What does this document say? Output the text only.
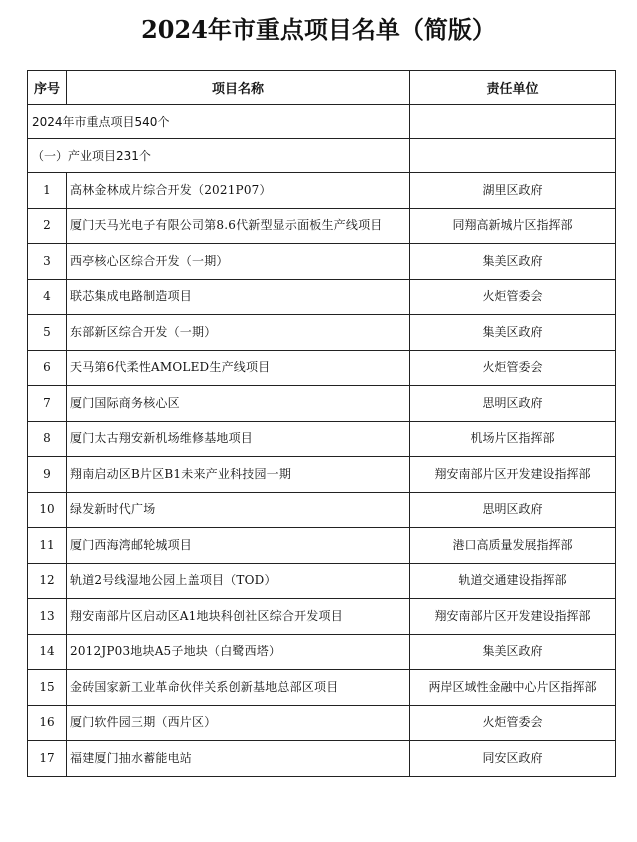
2024年市重点项目名单（简版）
序号	项目名称	责任单位
2024年市重点项目540个		
（一）产业项目231个		
1	高林金林成片综合开发（2021P07）	湖里区政府
2	厦门天马光电子有限公司第8.6代新型显示面板生产线项目	同翔高新城片区指挥部
3	西亭核心区综合开发（一期）	集美区政府
4	联芯集成电路制造项目	火炬管委会
5	东部新区综合开发（一期）	集美区政府
6	天马第6代柔性AMOLED生产线项目	火炬管委会
7	厦门国际商务核心区	思明区政府
8	厦门太古翔安新机场维修基地项目	机场片区指挥部
9	翔南启动区B片区B1未来产业科技园一期	翔安南部片区开发建设指挥部
10	绿发新时代广场	思明区政府
11	厦门西海湾邮轮城项目	港口高质量发展指挥部
12	轨道2号线湿地公园上盖项目（TOD）	轨道交通建设指挥部
13	翔安南部片区启动区A1地块科创社区综合开发项目	翔安南部片区开发建设指挥部
14	2012JP03地块A5子地块（白鹭西塔）	集美区政府
15	金砖国家新工业革命伙伴关系创新基地总部区项目	两岸区域性金融中心片区指挥部
16	厦门软件园三期（西片区）	火炬管委会
17	福建厦门抽水蓄能电站	同安区政府
